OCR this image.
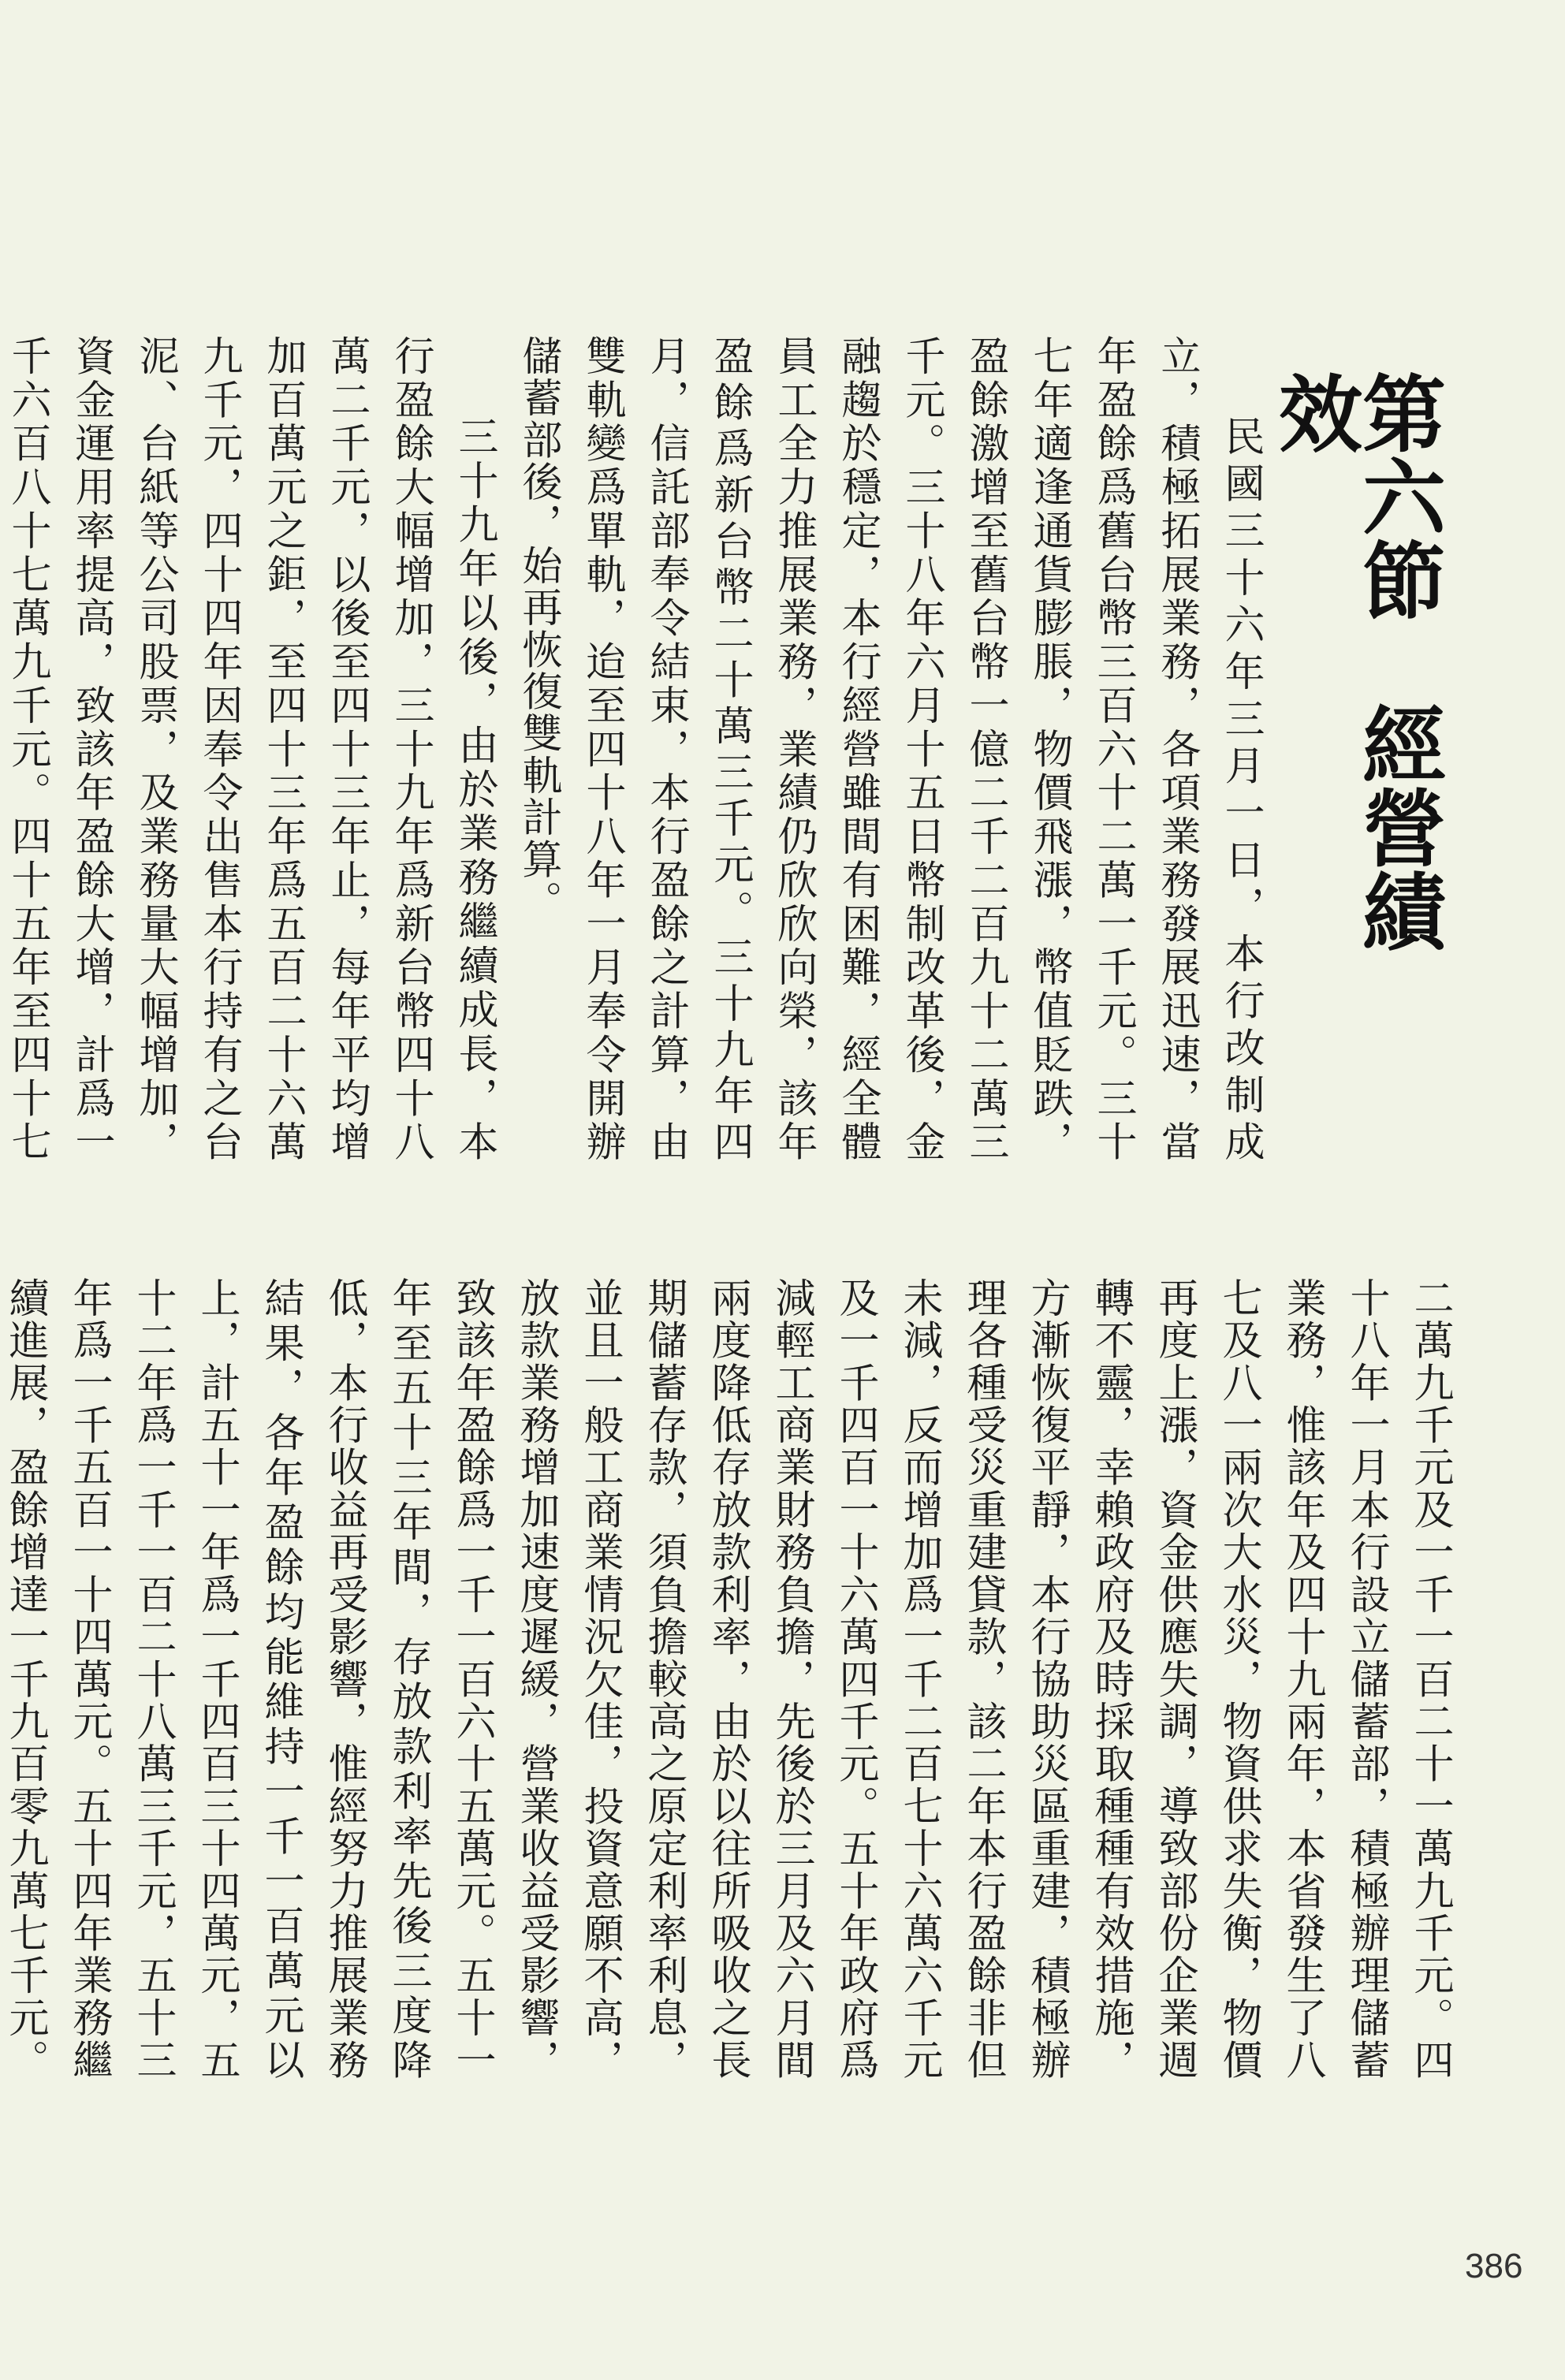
第六節經營績效

民國三十六年三月一日，本行改制成立，積極拓展業務，各項業務發展迅速，當年盈餘爲舊台幣三百六十二萬一千元。三十七年適逢通貨膨脹，物價飛漲，幣值貶跌，盈餘激增至舊台幣一億二千二百九十二萬三千元。三十八年六月十五日幣制改革後，金融趨於穩定，本行經營雖間有困難，經全體員工全力推展業務，業績仍欣欣向榮，該年盈餘爲新台幣二十萬三千元。三十九年四月，信託部奉令結束，本行盈餘之計算，由雙軌變爲單軌，迨至四十八年一月奉令開辦儲蓄部後，始再恢復雙軌計算。

三十九年以後，由於業務繼續成長，本行盈餘大幅增加，三十九年爲新台幣四十八萬二千元，以後至四十三年止，每年平均增加百萬元之鉅，至四十三年爲五百二十六萬九千元，四十四年因奉令出售本行持有之台泥、台紙等公司股票，及業務量大幅增加，資金運用率提高，致該年盈餘大增，計爲一千六百八十七萬九千元。四十五年至四十七

二萬九千元及一千一百二十一萬九千元。四十八年一月本行設立儲蓄部，積極辦理儲蓄業務，惟該年及四十九兩年，本省發生了八七及八一兩次大水災，物資供求失衡，物價再度上漲，資金供應失調，導致部份企業週轉不靈，幸賴政府及時採取種種有效措施，方漸恢復平靜，本行協助災區重建，積極辦理各種受災重建貸款，該二年本行盈餘非但未減，反而增加爲一千二百七十六萬六千元及一千四百一十六萬四千元。五十年政府爲減輕工商業財務負擔，先後於三月及六月間兩度降低存放款利率，由於以往所吸收之長期儲蓄存款，須負擔較高之原定利率利息，並且一般工商業情況欠佳，投資意願不高，放款業務增加速度遲緩，營業收益受影響，致該年盈餘爲一千一百六十五萬元。五十一年至五十三年間，存放款利率先後三度降低，本行收益再受影響，惟經努力推展業務結果，各年盈餘均能維持一千一百萬元以上，計五十一年爲一千四百三十四萬元，五十二年爲一千一百二十八萬三千元，五十三年爲一千五百一十四萬元。五十四年業務繼續進展，盈餘增達一千九百零九萬七千元。

386
